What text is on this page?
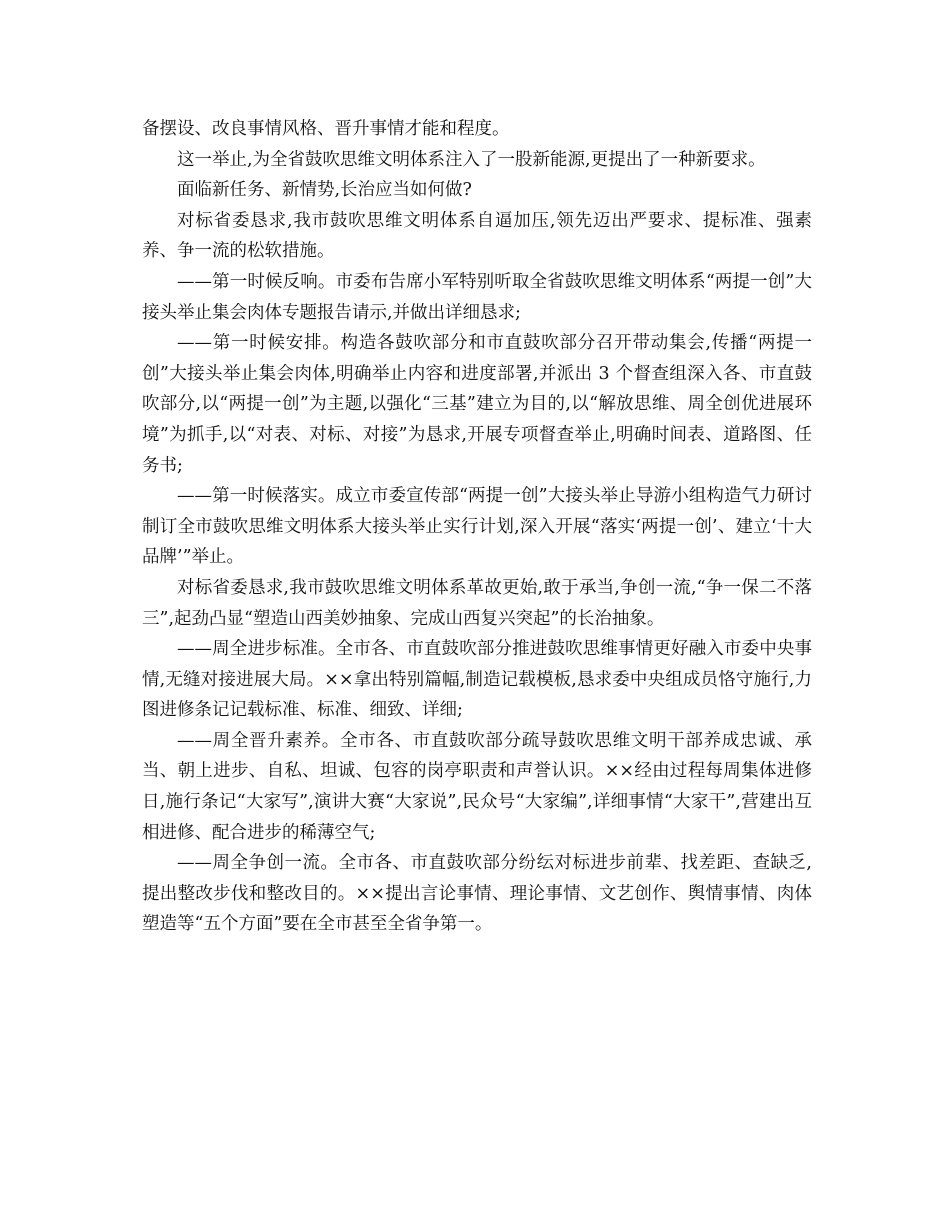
备摆设、改良事情风格、晋升事情才能和程度。

这一举止,为全省鼓吹思维文明体系注入了一股新能源,更提出了一种新要求。

面临新任务、新情势,长治应当如何做?

对标省委恳求,我市鼓吹思维文明体系自逼加压,领先迈出严要求、提标准、强素养、争一流的松软措施。

——第一时候反响。市委布告席小军特别听取全省鼓吹思维文明体系“两提一创”大接头举止集会肉体专题报告请示,并做出详细恳求;

——第一时候安排。构造各鼓吹部分和市直鼓吹部分召开带动集会,传播“两提一创”大接头举止集会肉体,明确举止内容和进度部署,并派出 3 个督查组深入各、市直鼓吹部分,以“两提一创”为主题,以强化“三基”建立为目的,以“解放思维、周全创优进展环境”为抓手,以“对表、对标、对接”为恳求,开展专项督查举止,明确时间表、道路图、任务书;

——第一时候落实。成立市委宣传部“两提一创”大接头举止导游小组构造气力研讨制订全市鼓吹思维文明体系大接头举止实行计划,深入开展“落实‘两提一创’、建立‘十大品牌’”举止。

对标省委恳求,我市鼓吹思维文明体系革故更始,敢于承当,争创一流,“争一保二不落三”,起劲凸显“塑造山西美妙抽象、完成山西复兴突起”的长治抽象。

——周全进步标准。全市各、市直鼓吹部分推进鼓吹思维事情更好融入市委中央事情,无缝对接进展大局。××拿出特别篇幅,制造记载模板,恳求委中央组成员恪守施行,力图进修条记记载标准、标准、细致、详细;

——周全晋升素养。全市各、市直鼓吹部分疏导鼓吹思维文明干部养成忠诚、承当、朝上进步、自私、坦诚、包容的岗亭职责和声誉认识。××经由过程每周集体进修日,施行条记“大家写”,演讲大赛“大家说”,民众号“大家编”,详细事情“大家干”,营建出互相进修、配合进步的稀薄空气;

——周全争创一流。全市各、市直鼓吹部分纷纭对标进步前辈、找差距、查缺乏,提出整改步伐和整改目的。××提出言论事情、理论事情、文艺创作、舆情事情、肉体塑造等“五个方面”要在全市甚至全省争第一。
